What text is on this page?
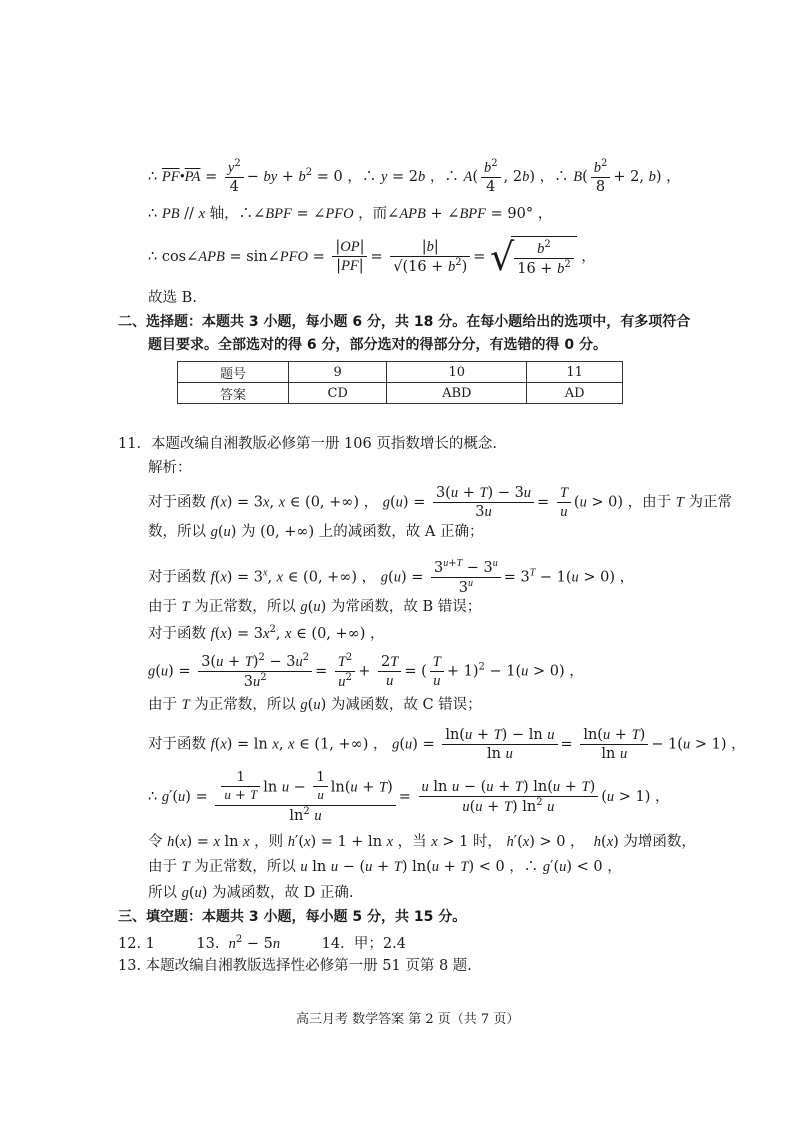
∴ $\overline{PF}•\overline{PA} = \frac{y^2}{4}$ − by + $b^2 = 0$ ，∴ y = 2b ，∴ $A( \frac{b^2}{4}$ , 2b) ，∴ $B( \frac{b^2}{8} + 2$, b) ，
∴ PB // x 轴，∴∠BPF = ∠PFO ，而∠APB + ∠BPF = 90° ，
∴ cos∠APB = sin∠PFO = $\frac{|OP|}{|PF|} = \frac{|b|}{√(16 + b^2)}$ = √ $\frac{b^2}{16 + b^2}$ ，
故选 B.
二、选择题：本题共 3 小题，每小题 6 分，共 18 分。在每小题给出的选项中，有多项符合
题目要求。全部选对的得 6 分，部分选对的得部分分，有选错的得 0 分。
题号	9	10	11
答案	CD	ABD	AD
11．本题改编自湘教版必修第一册 106 页指数增长的概念.
解析：
对于函数 f(x) = 3x, x ∈ (0, +∞) ， $g(u) = \frac{3(u + T) - 3u}{3u} = \frac{T}{u} (u > 0)$ ，由于 T 为正常
数，所以 g(u) 为 (0, +∞) 上的减函数，故 A 正确；
对于函数 $f(x) = 3^x$, x ∈ (0, +∞) ， $g(u) = \frac{3^{u+T} - 3^u}{3^u} = 3^T - 1(u > 0)$ ，
由于 T 为正常数，所以 g(u) 为常函数，故 B 错误；
对于函数 $f(x) = 3x^2$, x ∈ (0, +∞) ，
$g(u) = \frac{3(u + T)^2 - 3u^2}{3u^2} = \frac{T^2}{u^2} + \frac{2T}{u}$ = ( $\frac{T}{u} + 1)^2 - 1(u > 0)$ ，
由于 T 为正常数，所以 g(u) 为减函数，故 C 错误；
对于函数 f(x) = ln x, x ∈ (1, +∞) ， $g(u) = \frac{\text{ln(u + T) − ln u}}{\text{ln u}} = \frac{\ln(u + T)}{\text{ln u}} - 1(u > 1)$ ，
∴ $g'(u) = \frac{\frac{1}{u + T} \ln u - \frac{1}{u} \ln(u + T)}{\ln^2 u} = \frac{\text{u ln u − (u + T) ln(u + T)}}{u(u + T) \ln^2 u} (u > 1)$ ，
令 h(x) = x ln x ，则 h′(x) = 1 + ln x ，当 x > 1 时， h′(x) > 0 ，  h(x) 为增函数，
由于 T 为正常数，所以 u ln u − (u + T) ln(u + T) < 0 ，∴ g′(u) < 0 ，
所以 g(u) 为减函数，故 D 正确.
三、填空题：本题共 3 小题，每小题 5 分，共 15 分。
12. 1         13.  $n^2 - 5n$         14.  甲；2.4
13. 本题改编自湘教版选择性必修第一册 51 页第 8 题.
高三月考 数学答案 第 2 页（共 7 页）
